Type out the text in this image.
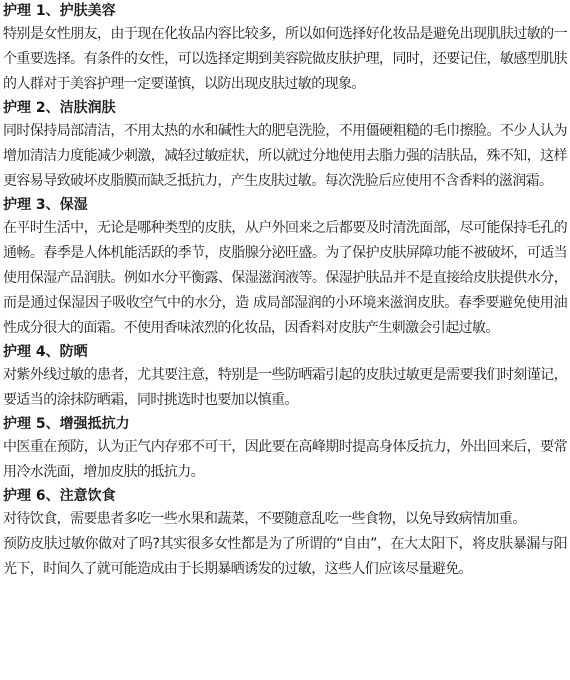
护理 1、护肤美容

特别是女性朋友，由于现在化妆品内容比较多，所以如何选择好化妆品是避免出现肌肤过敏的一个重要选择。有条件的女性，可以选择定期到美容院做皮肤护理，同时，还要记住，敏感型肌肤的人群对于美容护理一定要谨慎，以防出现皮肤过敏的现象。

护理 2、洁肤润肤

同时保持局部清洁，不用太热的水和碱性大的肥皂洗脸，不用僵硬粗糙的毛巾擦脸。不少人认为增加清洁力度能减少刺激，减轻过敏症状，所以就过分地使用去脂力强的洁肤品，殊不知，这样更容易导致破坏皮脂膜而缺乏抵抗力，产生皮肤过敏。每次洗脸后应使用不含香料的滋润霜。

护理 3、保湿

在平时生活中，无论是哪种类型的皮肤，从户外回来之后都要及时清洗面部，尽可能保持毛孔的通畅。春季是人体机能活跃的季节，皮脂腺分泌旺盛。为了保护皮肤屏障功能不被破坏，可适当使用保湿产品润肤。例如水分平衡露、保湿滋润液等。保湿护肤品并不是直接给皮肤提供水分，而是通过保湿因子吸收空气中的水分，造 成局部湿润的小环境来滋润皮肤。春季要避免使用油性成分很大的面霜。不使用香味浓烈的化妆品，因香料对皮肤产生刺激会引起过敏。

护理 4、防晒

对紫外线过敏的患者，尤其要注意，特别是一些防晒霜引起的皮肤过敏更是需要我们时刻谨记，要适当的涂抹防晒霜，同时挑选时也要加以慎重。

护理 5、增强抵抗力

中医重在预防，认为正气内存邪不可干，因此要在高峰期时提高身体反抗力，外出回来后，要常用冷水洗面，增加皮肤的抵抗力。

护理 6、注意饮食

对待饮食，需要患者多吃一些水果和蔬菜，不要随意乱吃一些食物，以免导致病情加重。

预防皮肤过敏你做对了吗?其实很多女性都是为了所谓的“自由”，在大太阳下，将皮肤暴漏与阳光下，时间久了就可能造成由于长期暴晒诱发的过敏，这些人们应该尽量避免。
